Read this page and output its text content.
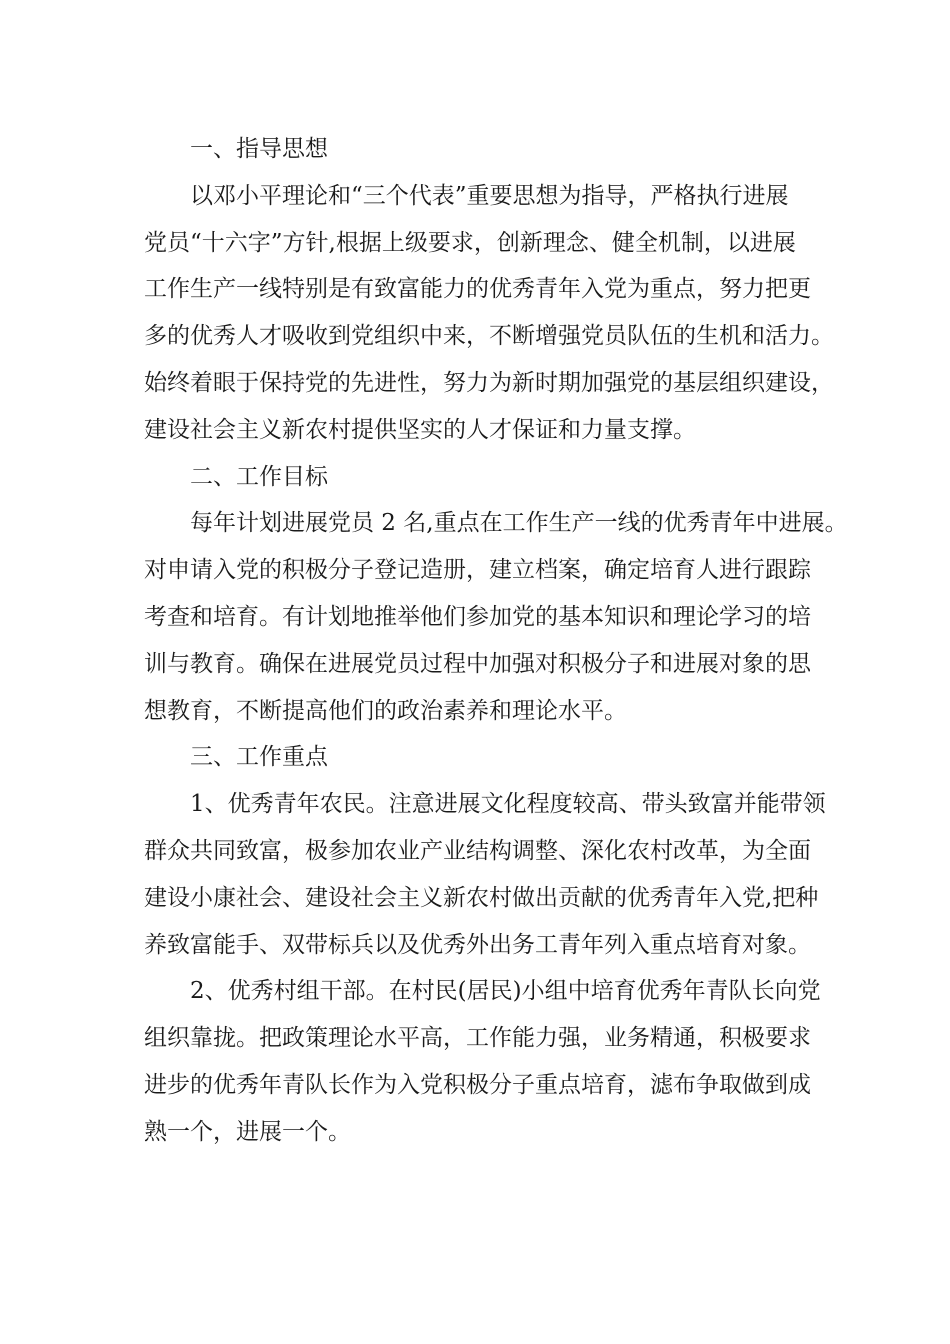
一、指导思想
以邓小平理论和“三个代表”重要思想为指导，严格执行进展
党员“十六字”方针,根据上级要求，创新理念、健全机制，以进展
工作生产一线特别是有致富能力的优秀青年入党为重点，努力把更
多的优秀人才吸收到党组织中来，不断增强党员队伍的生机和活力。
始终着眼于保持党的先进性，努力为新时期加强党的基层组织建设，
建设社会主义新农村提供坚实的人才保证和力量支撑。
二、工作目标
每年计划进展党员 2 名,重点在工作生产一线的优秀青年中进展。
对申请入党的积极分子登记造册，建立档案，确定培育人进行跟踪
考查和培育。有计划地推举他们参加党的基本知识和理论学习的培
训与教育。确保在进展党员过程中加强对积极分子和进展对象的思
想教育，不断提高他们的政治素养和理论水平。
三、工作重点
1、优秀青年农民。注意进展文化程度较高、带头致富并能带领
群众共同致富，极参加农业产业结构调整、深化农村改革，为全面
建设小康社会、建设社会主义新农村做出贡献的优秀青年入党,把种
养致富能手、双带标兵以及优秀外出务工青年列入重点培育对象。
2、优秀村组干部。在村民(居民)小组中培育优秀年青队长向党
组织靠拢。把政策理论水平高，工作能力强，业务精通，积极要求
进步的优秀年青队长作为入党积极分子重点培育，滤布争取做到成
熟一个，进展一个。
